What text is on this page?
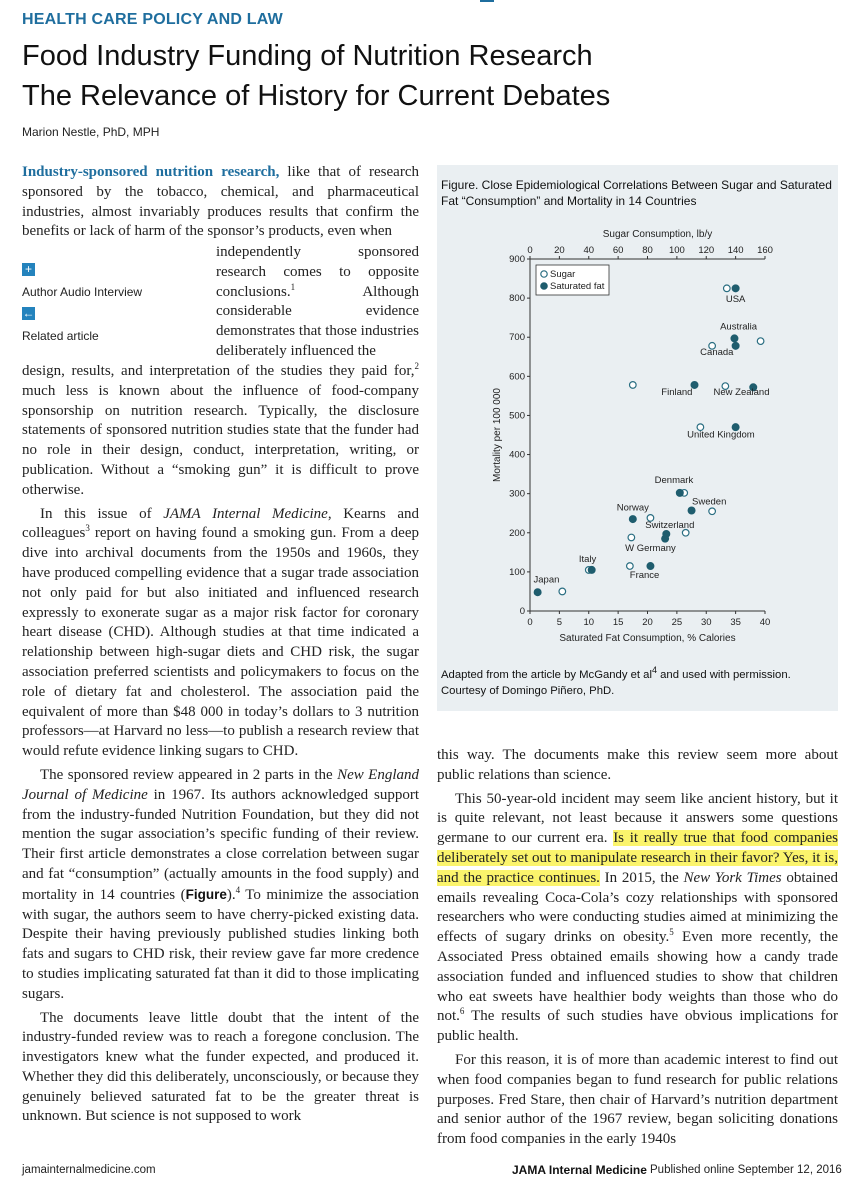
HEALTH CARE POLICY AND LAW
Food Industry Funding of Nutrition Research
The Relevance of History for Current Debates
Marion Nestle, PhD, MPH
+
Author Audio Interview
←
Related article

Industry-sponsored nutrition research, like that of research sponsored by the tobacco, chemical, and pharmaceutical industries, almost invariably produces results that confirm the benefits or lack of harm of the sponsor’s products, even when

independently sponsored research comes to opposite conclusions.$^1$ Although considerable evidence demonstrates that those industries deliberately influenced the

design, results, and interpretation of the studies they paid for,$^2$ much less is known about the influence of food-company sponsorship on nutrition research. Typically, the disclosure statements of sponsored nutrition studies state that the funder had no role in their design, conduct, interpretation, writing, or publication. Without a “smoking gun” it is difficult to prove otherwise.

In this issue of JAMA Internal Medicine, Kearns and colleagues$^3$ report on having found a smoking gun. From a deep dive into archival documents from the 1950s and 1960s, they have produced compelling evidence that a sugar trade association not only paid for but also initiated and influenced research expressly to exonerate sugar as a major risk factor for coronary heart disease (CHD). Although studies at that time indicated a relationship between high-sugar diets and CHD risk, the sugar association preferred scientists and policymakers to focus on the role of dietary fat and cholesterol. The association paid the equivalent of more than $48 000 in today’s dollars to 3 nutrition professors—at Harvard no less—to publish a research review that would refute evidence linking sugars to CHD.

The sponsored review appeared in 2 parts in the New England Journal of Medicine in 1967. Its authors acknowledged support from the industry-funded Nutrition Foundation, but they did not mention the sugar association’s specific funding of their review. Their first article demonstrates a close correlation between sugar and fat “consumption” (actually amounts in the food supply) and mortality in 14 countries (Figure).$^4$ To minimize the association with sugar, the authors seem to have cherry-picked existing data. Despite their having previously published studies linking both fats and sugars to CHD risk, their review gave far more credence to studies implicating saturated fat than it did to those implicating sugars.

The documents leave little doubt that the intent of the industry-funded review was to reach a foregone conclusion. The investigators knew what the funder expected, and produced it. Whether they did this deliberately, unconsciously, or because they genuinely believed saturated fat to be the greater threat is unknown. But science is not supposed to work

Figure. Close Epidemiological Correlations Between Sugar and Saturated Fat “Consumption” and Mortality in 14 Countries
0	5 10 15 20 25 30 35 40
0 20 40 60 80 100 120 140 160
0
100
200
300
400
500
600
700
800
900
Sugar Consumption, lb/y
Saturated Fat Consumption, % Calories
Mortality per 100 000
Sugar
Saturated fat
USA
Australia
Canada
Finland New Zealand
United Kingdom
Denmark
Sweden
Norway
Switzerland
W Germany
Italy
France
Japan
Adapted from the article by McGandy et $al^4$ and used with permission. Courtesy of Domingo Piñero, PhD.

this way. The documents make this review seem more about public relations than science.

This 50-year-old incident may seem like ancient history, but it is quite relevant, not least because it answers some questions germane to our current era. Is it really true that food companies deliberately set out to manipulate research in their favor? Yes, it is, and the practice continues. In 2015, the New York Times obtained emails revealing Coca-Cola’s cozy relationships with sponsored researchers who were conducting studies aimed at minimizing the effects of sugary drinks on obesity.$^5$ Even more recently, the Associated Press obtained emails showing how a candy trade association funded and influenced studies to show that children who eat sweets have healthier body weights than those who do not.$^6$ The results of such studies have obvious implications for public health.

For this reason, it is of more than academic interest to find out when food companies began to fund research for public relations purposes. Fred Stare, then chair of Harvard’s nutrition department and senior author of the 1967 review, began soliciting donations from food companies in the early 1940s

jamainternalmedicine.com	JAMA Internal Medicine Published online September 12, 2016
